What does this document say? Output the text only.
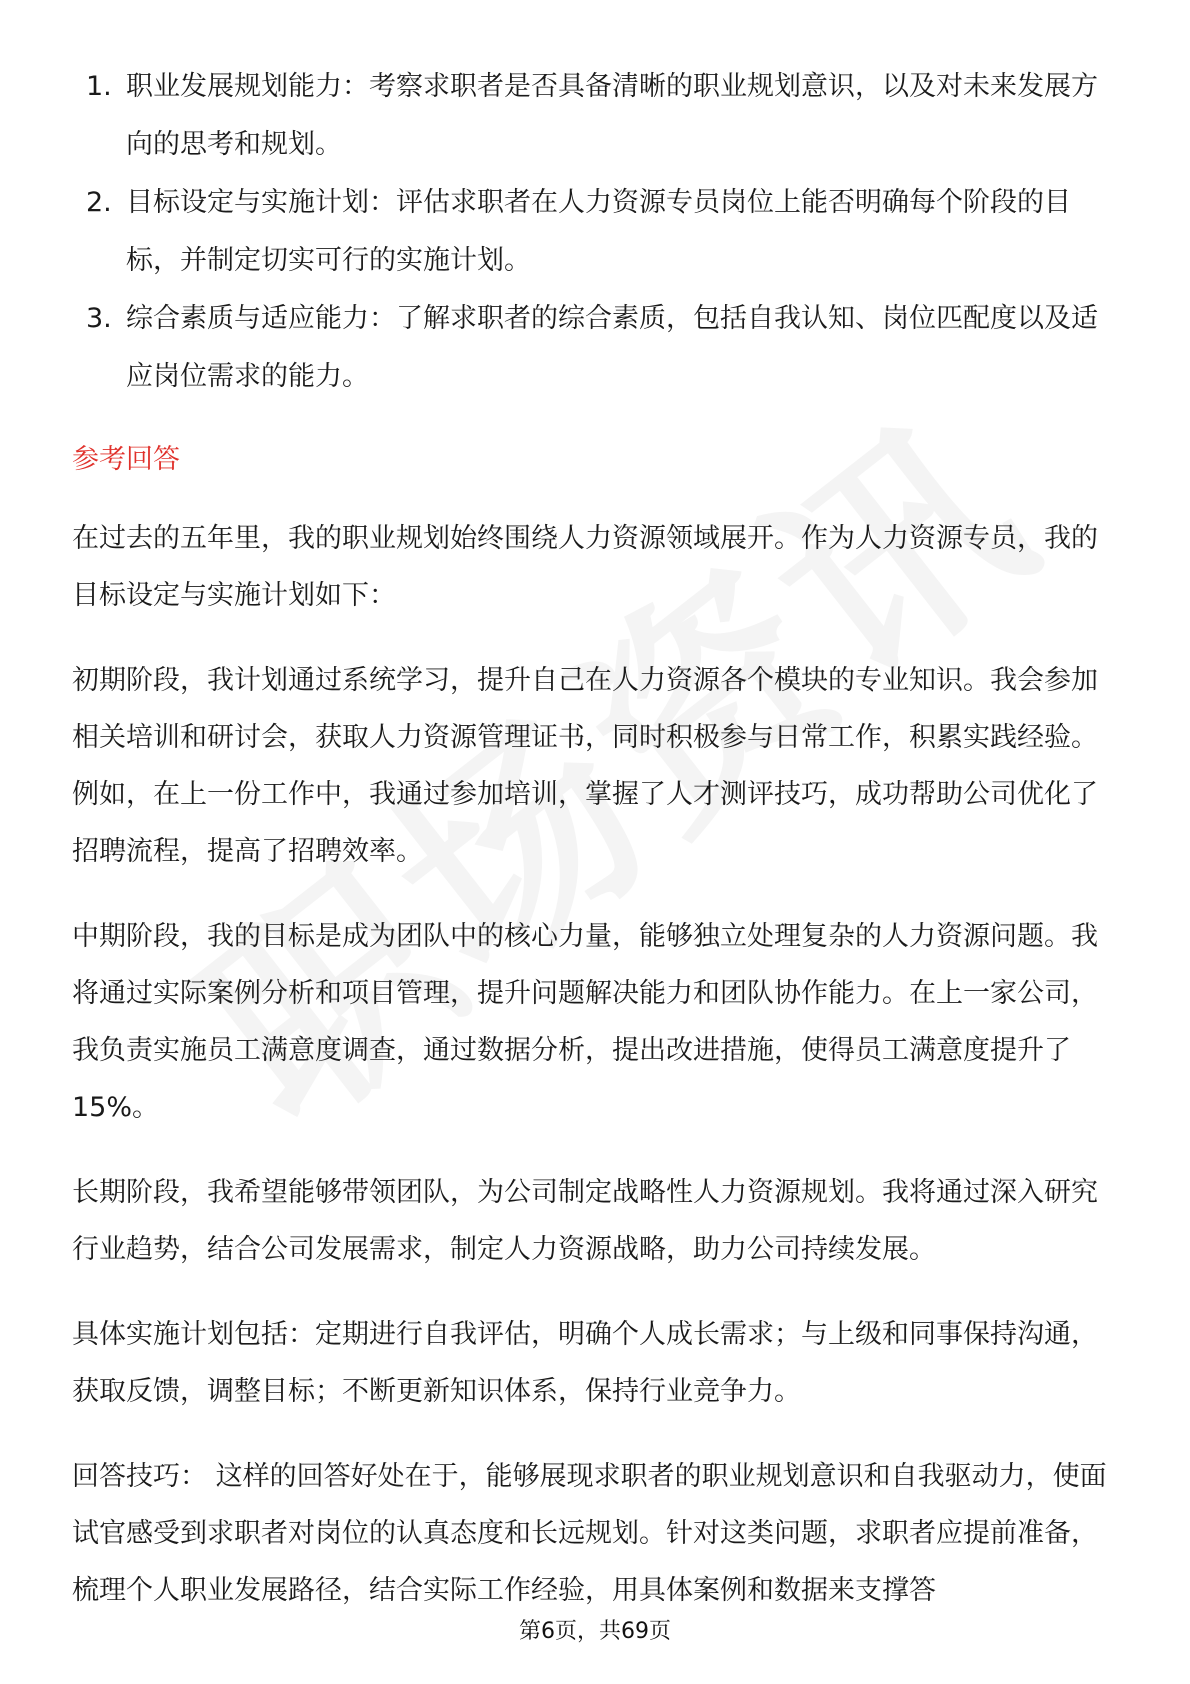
1. 职业发展规划能力：考察求职者是否具备清晰的职业规划意识，以及对未来发展方向的思考和规划。
2. 目标设定与实施计划：评估求职者在人力资源专员岗位上能否明确每个阶段的目标，并制定切实可行的实施计划。
3. 综合素质与适应能力：了解求职者的综合素质，包括自我认知、岗位匹配度以及适应岗位需求的能力。
参考回答

在过去的五年里，我的职业规划始终围绕人力资源领域展开。作为人力资源专员，我的目标设定与实施计划如下：

初期阶段，我计划通过系统学习，提升自己在人力资源各个模块的专业知识。我会参加相关培训和研讨会，获取人力资源管理证书，同时积极参与日常工作，积累实践经验。例如，在上一份工作中，我通过参加培训，掌握了人才测评技巧，成功帮助公司优化了招聘流程，提高了招聘效率。

中期阶段，我的目标是成为团队中的核心力量，能够独立处理复杂的人力资源问题。我将通过实际案例分析和项目管理，提升问题解决能力和团队协作能力。在上一家公司，我负责实施员工满意度调查，通过数据分析，提出改进措施，使得员工满意度提升了15%。

长期阶段，我希望能够带领团队，为公司制定战略性人力资源规划。我将通过深入研究行业趋势，结合公司发展需求，制定人力资源战略，助力公司持续发展。

具体实施计划包括：定期进行自我评估，明确个人成长需求；与上级和同事保持沟通，获取反馈，调整目标；不断更新知识体系，保持行业竞争力。

回答技巧： 这样的回答好处在于，能够展现求职者的职业规划意识和自我驱动力，使面试官感受到求职者对岗位的认真态度和长远规划。针对这类问题，求职者应提前准备，梳理个人职业发展路径，结合实际工作经验，用具体案例和数据来支撑答

第6页，共69页
